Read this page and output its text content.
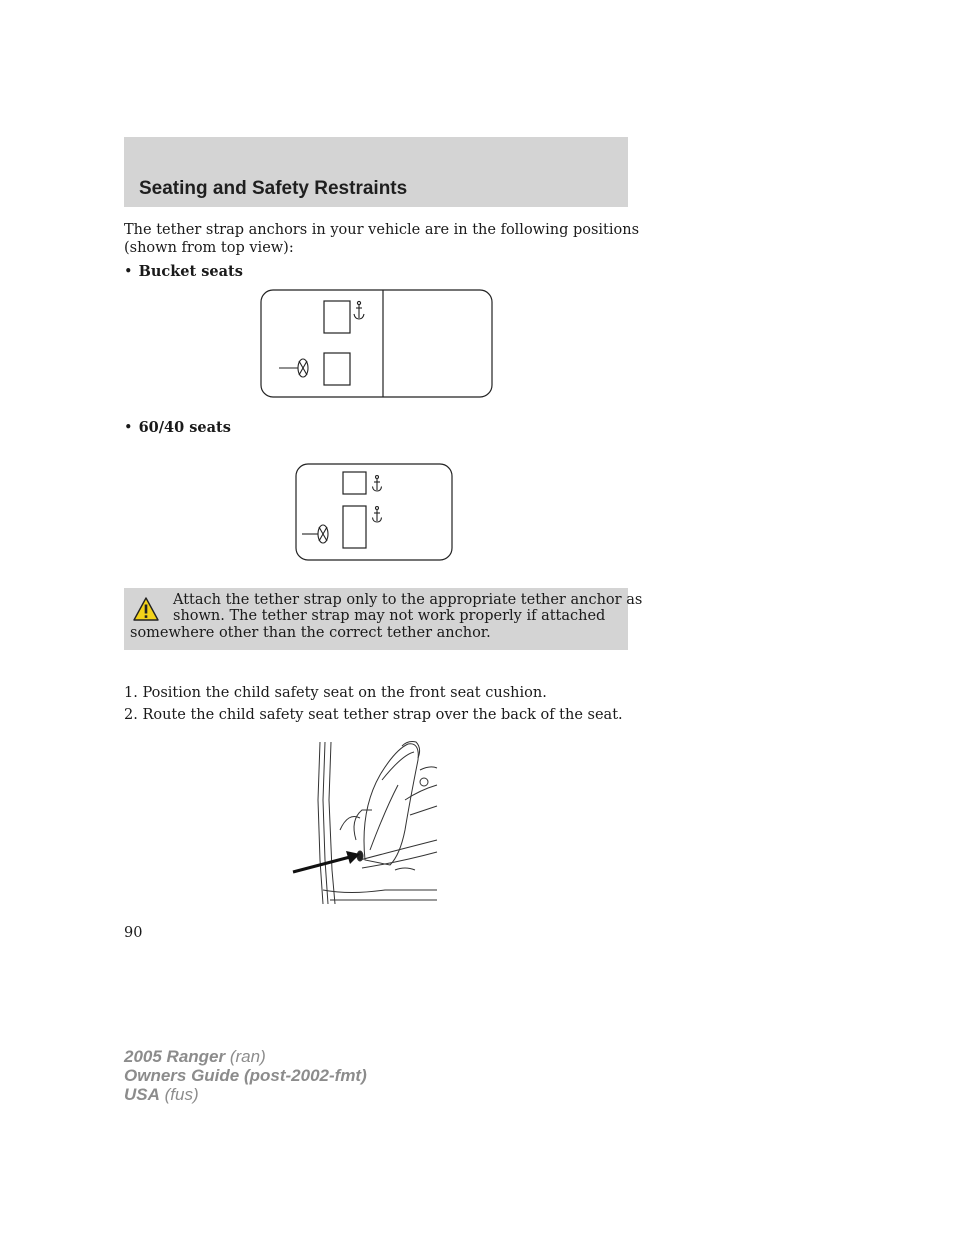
Seating and Safety Restraints
The tether strap anchors in your vehicle are in the following positions
(shown from top view):
• Bucket seats
• 60/40 seats
Attach the tether strap only to the appropriate tether anchor as
shown. The tether strap may not work properly if attached
somewhere other than the correct tether anchor.
1. Position the child safety seat on the front seat cushion.
2. Route the child safety seat tether strap over the back of the seat.
90
2005 Ranger (ran)
Owners Guide (post-2002-fmt)
USA (fus)
